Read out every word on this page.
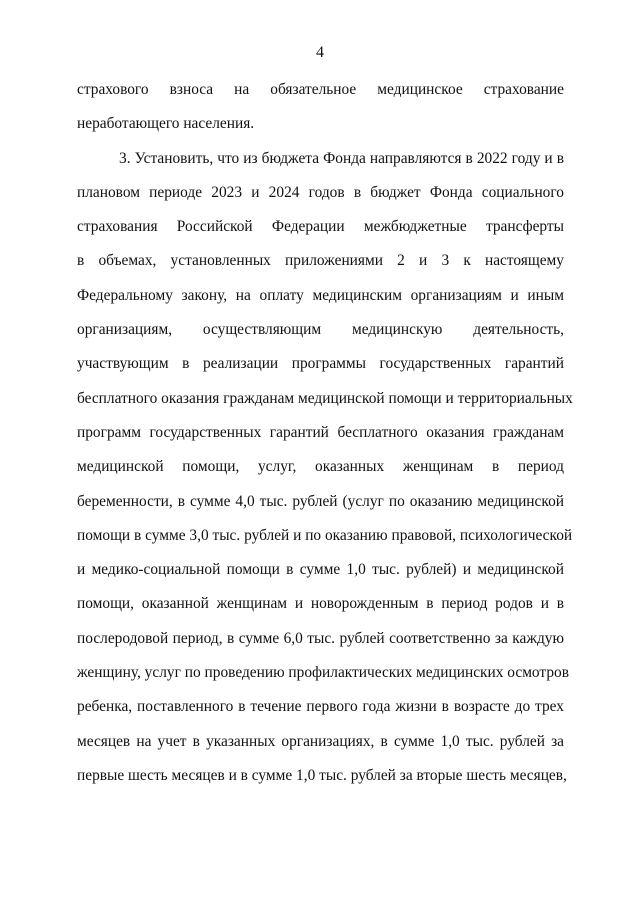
4
страхового взноса на обязательное медицинское страхование
неработающего населения.
3. Установить, что из бюджета Фонда направляются в 2022 году и в
плановом периоде 2023 и 2024 годов в бюджет Фонда социального
страхования Российской Федерации межбюджетные трансферты
в объемах, установленных приложениями 2 и 3 к настоящему
Федеральному закону, на оплату медицинским организациям и иным
организациям, осуществляющим медицинскую деятельность,
участвующим в реализации программы государственных гарантий
бесплатного оказания гражданам медицинской помощи и территориальных
программ государственных гарантий бесплатного оказания гражданам
медицинской помощи, услуг, оказанных женщинам в период
беременности, в сумме 4,0 тыс. рублей (услуг по оказанию медицинской
помощи в сумме 3,0 тыс. рублей и по оказанию правовой, психологической
и медико-социальной помощи в сумме 1,0 тыс. рублей) и медицинской
помощи, оказанной женщинам и новорожденным в период родов и в
послеродовой период, в сумме 6,0 тыс. рублей соответственно за каждую
женщину, услуг по проведению профилактических медицинских осмотров
ребенка, поставленного в течение первого года жизни в возрасте до трех
месяцев на учет в указанных организациях, в сумме 1,0 тыс. рублей за
первые шесть месяцев и в сумме 1,0 тыс. рублей за вторые шесть месяцев,
